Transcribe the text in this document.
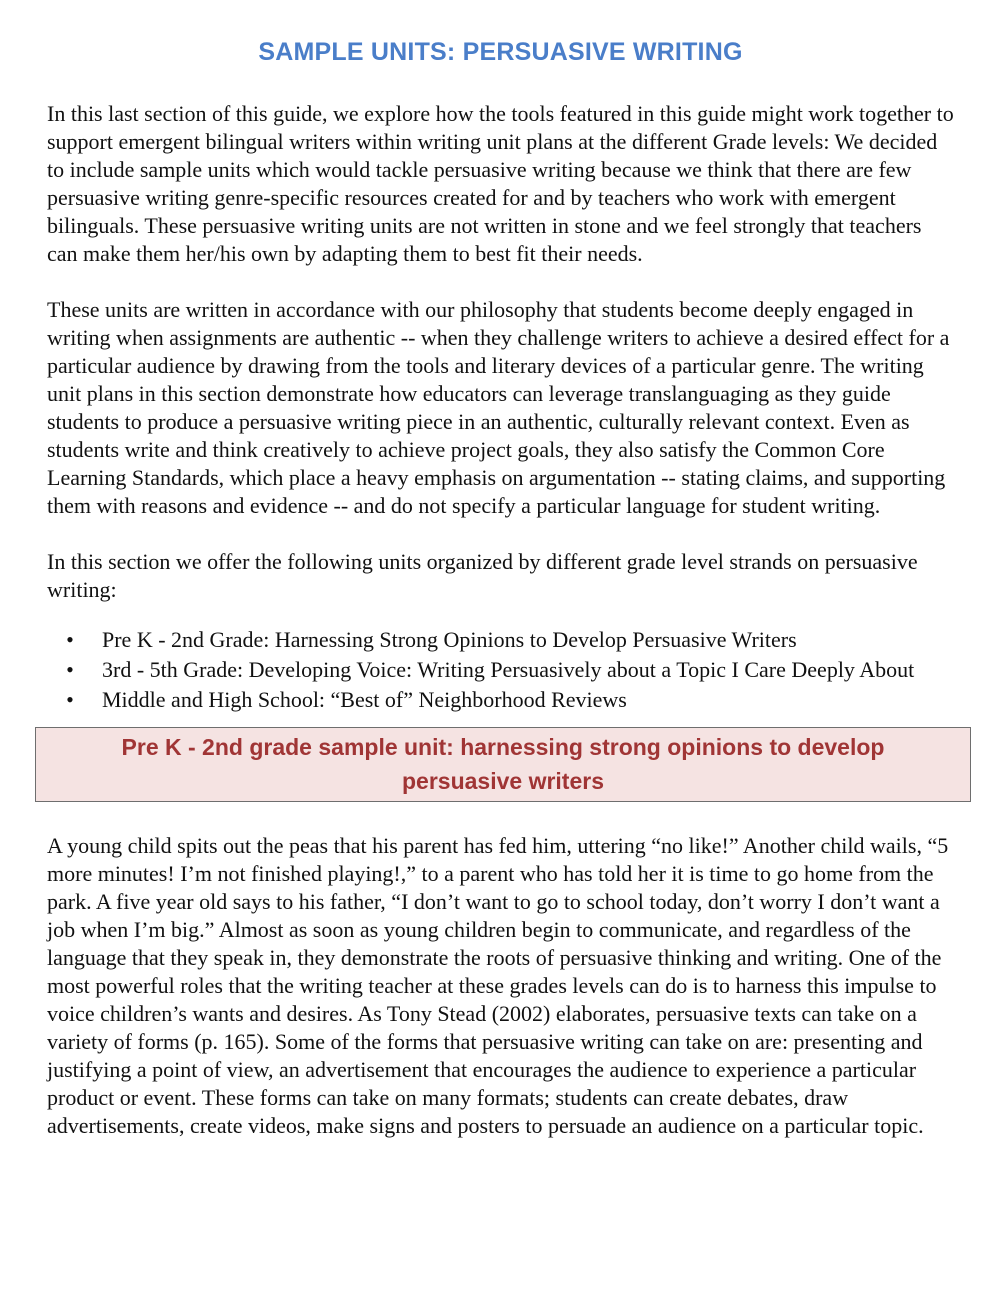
SAMPLE UNITS: PERSUASIVE WRITING

In this last section of this guide, we explore how the tools featured in this guide might work together to support emergent bilingual writers within writing unit plans at the different Grade levels: We decided to include sample units which would tackle persuasive writing because we think that there are few persuasive writing genre-specific resources created for and by teachers who work with emergent bilinguals. These persuasive writing units are not written in stone and we feel strongly that teachers can make them her/his own by adapting them to best fit their needs.

These units are written in accordance with our philosophy that students become deeply engaged in writing when assignments are authentic -- when they challenge writers to achieve a desired effect for a particular audience by drawing from the tools and literary devices of a particular genre. The writing unit plans in this section demonstrate how educators can leverage translanguaging as they guide students to produce a persuasive writing piece in an authentic, culturally relevant context. Even as students write and think creatively to achieve project goals, they also satisfy the Common Core Learning Standards, which place a heavy emphasis on argumentation -- stating claims, and supporting them with reasons and evidence -- and do not specify a particular language for student writing.

In this section we offer the following units organized by different grade level strands on persuasive writing:

• Pre K - 2nd Grade: Harnessing Strong Opinions to Develop Persuasive Writers
• 3rd - 5th Grade: Developing Voice: Writing Persuasively about a Topic I Care Deeply About
• Middle and High School: “Best of” Neighborhood Reviews
Pre K - 2nd grade sample unit: harnessing strong opinions to develop
persuasive writers

A young child spits out the peas that his parent has fed him, uttering “no like!” Another child wails, “5 more minutes! I’m not finished playing!,” to a parent who has told her it is time to go home from the park. A five year old says to his father, “I don’t want to go to school today, don’t worry I don’t want a job when I’m big.” Almost as soon as young children begin to communicate, and regardless of the language that they speak in, they demonstrate the roots of persuasive thinking and writing. One of the most powerful roles that the writing teacher at these grades levels can do is to harness this impulse to voice children’s wants and desires. As Tony Stead (2002) elaborates, persuasive texts can take on a variety of forms (p. 165). Some of the forms that persuasive writing can take on are: presenting and justifying a point of view, an advertisement that encourages the audience to experience a particular product or event. These forms can take on many formats; students can create debates, draw advertisements, create videos, make signs and posters to persuade an audience on a particular topic.
